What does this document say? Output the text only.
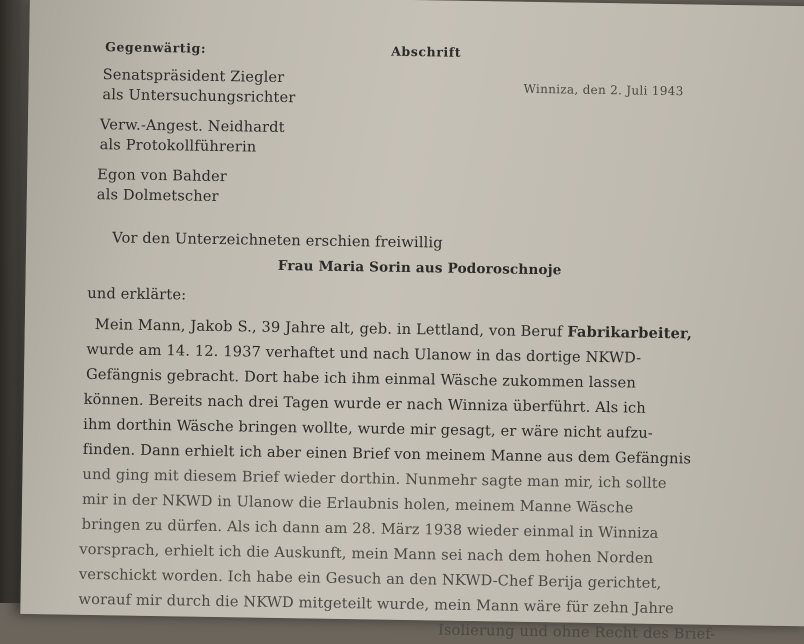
Gegenwärtig:	Abschrift
Winniza, den 2. Juli 1943
Senatspräsident Ziegler
als Untersuchungsrichter
Verw.-Angest. Neidhardt
als Protokollführerin
Egon von Bahder
als Dolmetscher
Vor den Unterzeichneten erschien freiwillig
Frau Maria Sorin aus Podoroschnoje
und erklärte:
Mein Mann, Jakob S., 39 Jahre alt, geb. in Lettland, von Beruf Fabrikarbeiter,
wurde am 14. 12. 1937 verhaftet und nach Ulanow in das dortige NKWD-
Gefängnis gebracht. Dort habe ich ihm einmal Wäsche zukommen lassen
können. Bereits nach drei Tagen wurde er nach Winniza überführt. Als ich
ihm dorthin Wäsche bringen wollte, wurde mir gesagt, er wäre nicht aufzu-
finden. Dann erhielt ich aber einen Brief von meinem Manne aus dem Gefängnis
und ging mit diesem Brief wieder dorthin. Nunmehr sagte man mir, ich sollte
mir in der NKWD in Ulanow die Erlaubnis holen, meinem Manne Wäsche
bringen zu dürfen. Als ich dann am 28. März 1938 wieder einmal in Winniza
vorsprach, erhielt ich die Auskunft, mein Mann sei nach dem hohen Norden
verschickt worden. Ich habe ein Gesuch an den NKWD-Chef Berija gerichtet,
worauf mir durch die NKWD mitgeteilt wurde, mein Mann wäre für zehn Jahre
Isolierung und ohne Recht des Brief-
